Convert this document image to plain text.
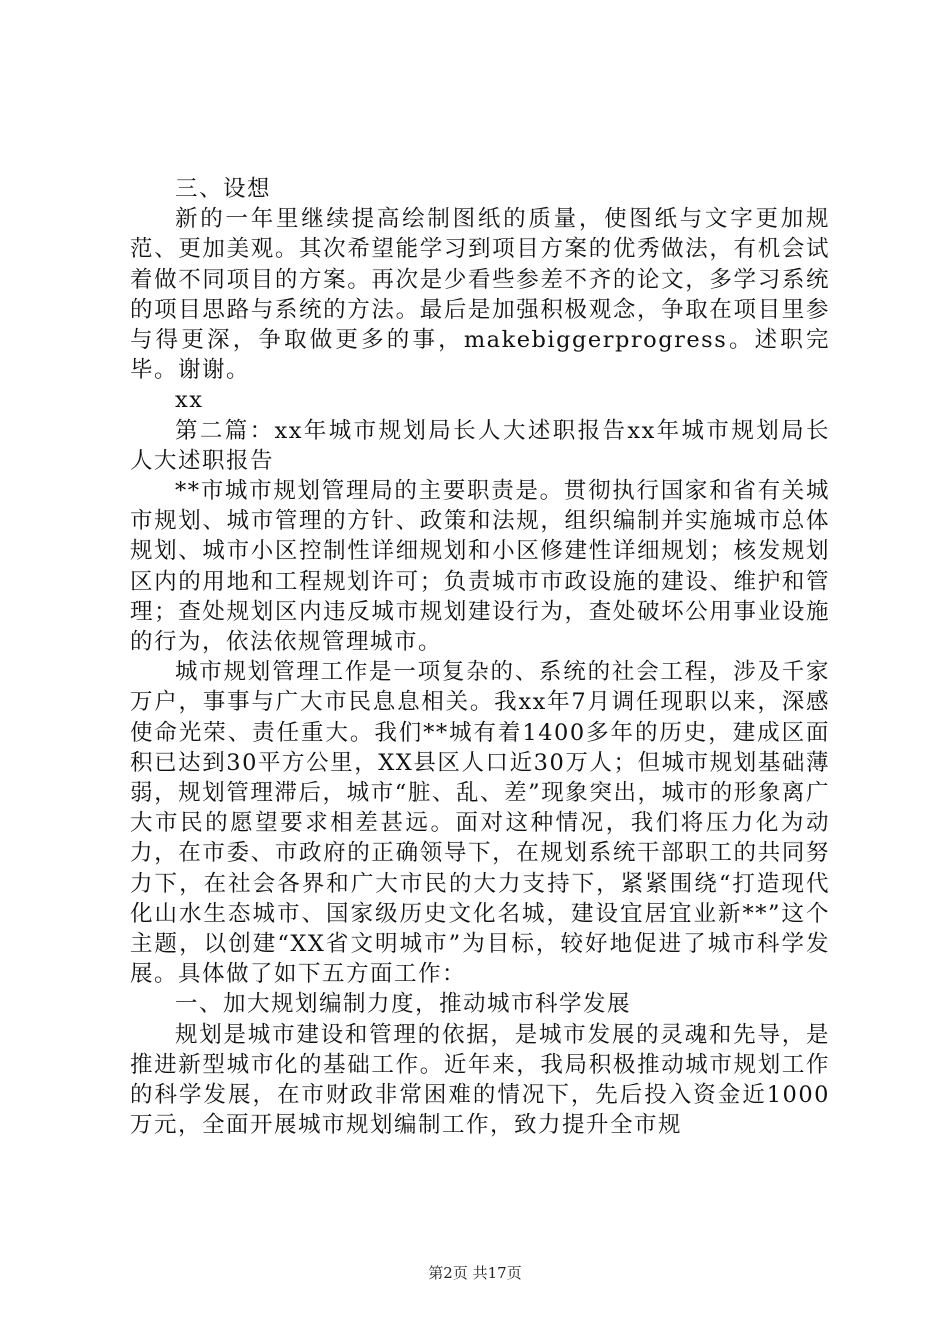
三、设想

新的一年里继续提高绘制图纸的质量，使图纸与文字更加规范、更加美观。其次希望能学习到项目方案的优秀做法，有机会试着做不同项目的方案。再次是少看些参差不齐的论文，多学习系统的项目思路与系统的方法。最后是加强积极观念，争取在项目里参与得更深，争取做更多的事，makebiggerprogress。述职完毕。谢谢。

xx

第二篇：xx年城市规划局长人大述职报告xx年城市规划局长人大述职报告

**市城市规划管理局的主要职责是。贯彻执行国家和省有关城市规划、城市管理的方针、政策和法规，组织编制并实施城市总体规划、城市小区控制性详细规划和小区修建性详细规划；核发规划区内的用地和工程规划许可；负责城市市政设施的建设、维护和管理；查处规划区内违反城市规划建设行为，查处破坏公用事业设施的行为，依法依规管理城市。

城市规划管理工作是一项复杂的、系统的社会工程，涉及千家万户，事事与广大市民息息相关。我xx年7月调任现职以来，深感使命光荣、责任重大。我们**城有着1400多年的历史，建成区面积已达到30平方公里，XX县区人口近30万人；但城市规划基础薄弱，规划管理滞后，城市“脏、乱、差”现象突出，城市的形象离广大市民的愿望要求相差甚远。面对这种情况，我们将压力化为动力，在市委、市政府的正确领导下，在规划系统干部职工的共同努力下，在社会各界和广大市民的大力支持下，紧紧围绕“打造现代化山水生态城市、国家级历史文化名城，建设宜居宜业新**”这个主题，以创建“XX省文明城市”为目标，较好地促进了城市科学发展。具体做了如下五方面工作：

一、加大规划编制力度，推动城市科学发展

规划是城市建设和管理的依据，是城市发展的灵魂和先导，是推进新型城市化的基础工作。近年来，我局积极推动城市规划工作的科学发展，在市财政非常困难的情况下，先后投入资金近1000万元，全面开展城市规划编制工作，致力提升全市规

第2页 共17页
